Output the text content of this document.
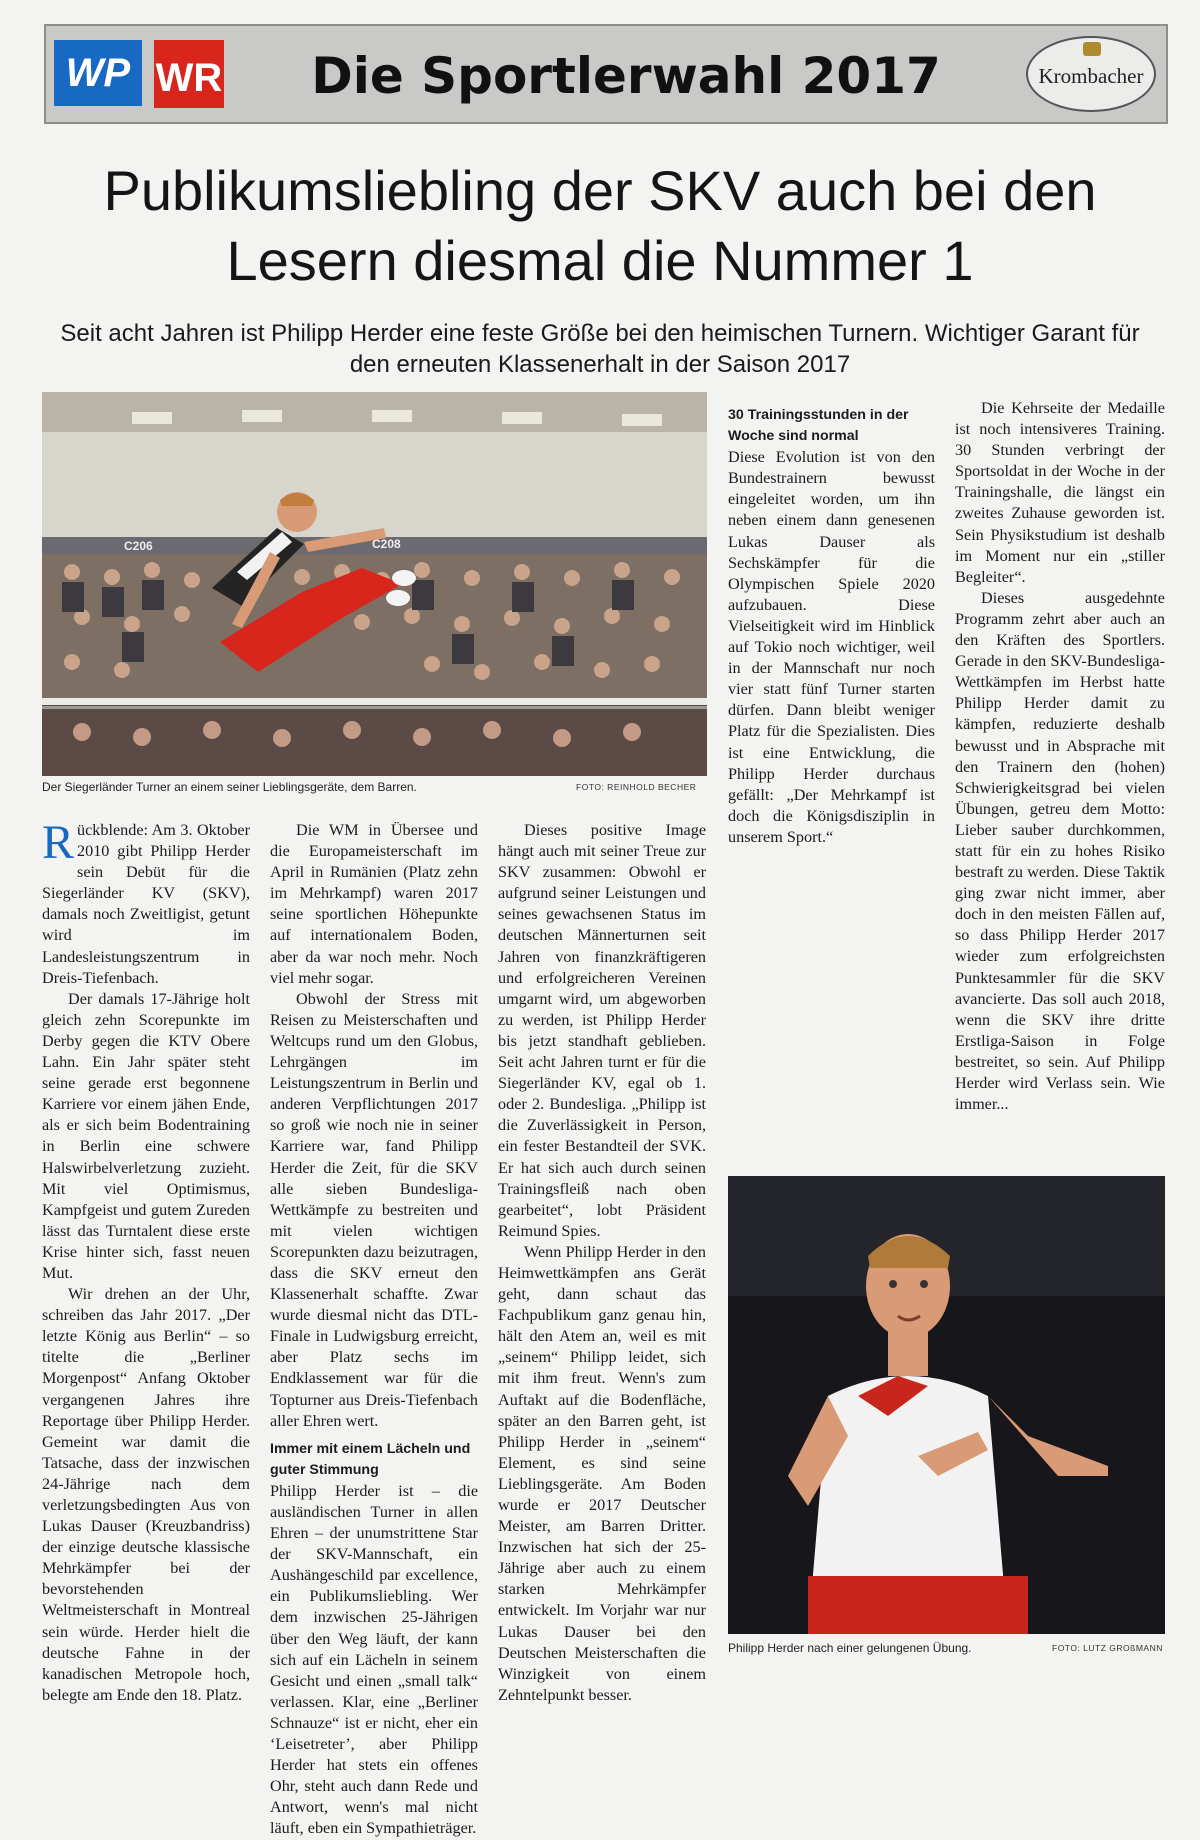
WP WR	Die Sportlerwahl 2017	Krombacher
Publikumsliebling der SKV auch bei den Lesern diesmal die Nummer 1

Seit acht Jahren ist Philipp Herder eine feste Größe bei den heimischen Turnern. Wichtiger Garant für den erneuten Klassenerhalt in der Saison 2017

C206	C208
Der Siegerländer Turner an einem seiner Lieblingsgeräte, dem Barren.	FOTO: REINHOLD BECHER
Philipp Herder nach einer gelungenen Übung.	FOTO: LUTZ GROßMANN

Rückblende: Am 3. Oktober 2010 gibt Philipp Herder sein Debüt für die Siegerländer KV (SKV), damals noch Zweitligist, getunt wird im Landesleistungszentrum in Dreis-Tiefenbach.

Der damals 17-Jährige holt gleich zehn Scorepunkte im Derby gegen die KTV Obere Lahn. Ein Jahr später steht seine gerade erst begonnene Karriere vor einem jähen Ende, als er sich beim Bodentraining in Berlin eine schwere Halswirbelverletzung zuzieht. Mit viel Optimismus, Kampfgeist und gutem Zureden lässt das Turntalent diese erste Krise hinter sich, fasst neuen Mut.

Wir drehen an der Uhr, schreiben das Jahr 2017. „Der letzte König aus Berlin“ – so titelte die „Berliner Morgenpost“ Anfang Oktober vergangenen Jahres ihre Reportage über Philipp Herder. Gemeint war damit die Tatsache, dass der inzwischen 24-Jährige nach dem verletzungsbedingten Aus von Lukas Dauser (Kreuzbandriss) der einzige deutsche klassische Mehrkämpfer bei der bevorstehenden Weltmeisterschaft in Montreal sein würde. Herder hielt die deutsche Fahne in der kanadischen Metropole hoch, belegte am Ende den 18. Platz.

Die WM in Übersee und die Europameisterschaft im April in Rumänien (Platz zehn im Mehrkampf) waren 2017 seine sportlichen Höhepunkte auf internationalem Boden, aber da war noch mehr. Noch viel mehr sogar.

Obwohl der Stress mit Reisen zu Meisterschaften und Weltcups rund um den Globus, Lehrgängen im Leistungszentrum in Berlin und anderen Verpflichtungen 2017 so groß wie noch nie in seiner Karriere war, fand Philipp Herder die Zeit, für die SKV alle sieben Bundesliga-Wettkämpfe zu bestreiten und mit vielen wichtigen Scorepunkten dazu beizutragen, dass die SKV erneut den Klassenerhalt schaffte. Zwar wurde diesmal nicht das DTL-Finale in Ludwigsburg erreicht, aber Platz sechs im Endklassement war für die Topturner aus Dreis-Tiefenbach aller Ehren wert.

Immer mit einem Lächeln und guter Stimmung

Philipp Herder ist – die ausländischen Turner in allen Ehren – der unumstrittene Star der SKV-Mannschaft, ein Aushängeschild par excellence, ein Publikumsliebling. Wer dem inzwischen 25-Jährigen über den Weg läuft, der kann sich auf ein Lächeln in seinem Gesicht und einen „small talk“ verlassen. Klar, eine „Berliner Schnauze“ ist er nicht, eher ein ‘Leisetreter’, aber Philipp Herder hat stets ein offenes Ohr, steht auch dann Rede und Antwort, wenn's mal nicht läuft, eben ein Sympathieträger.

Dieses positive Image hängt auch mit seiner Treue zur SKV zusammen: Obwohl er aufgrund seiner Leistungen und seines gewachsenen Status im deutschen Männerturnen seit Jahren von finanzkräftigeren und erfolgreicheren Vereinen umgarnt wird, um abgeworben zu werden, ist Philipp Herder bis jetzt standhaft geblieben. Seit acht Jahren turnt er für die Siegerländer KV, egal ob 1. oder 2. Bundesliga. „Philipp ist die Zuverlässigkeit in Person, ein fester Bestandteil der SVK. Er hat sich auch durch seinen Trainingsfleiß nach oben gearbeitet“, lobt Präsident Reimund Spies.

Wenn Philipp Herder in den Heimwettkämpfen ans Gerät geht, dann schaut das Fachpublikum ganz genau hin, hält den Atem an, weil es mit „seinem“ Philipp leidet, sich mit ihm freut. Wenn's zum Auftakt auf die Bodenfläche, später an den Barren geht, ist Philipp Herder in „seinem“ Element, es sind seine Lieblingsgeräte. Am Boden wurde er 2017 Deutscher Meister, am Barren Dritter. Inzwischen hat sich der 25-Jährige aber auch zu einem starken Mehrkämpfer entwickelt. Im Vorjahr war nur Lukas Dauser bei den Deutschen Meisterschaften die Winzigkeit von einem Zehntelpunkt besser.

30 Trainingsstunden in der Woche sind normal

Diese Evolution ist von den Bundestrainern bewusst eingeleitet worden, um ihn neben einem dann genesenen Lukas Dauser als Sechskämpfer für die Olympischen Spiele 2020 aufzubauen. Diese Vielseitigkeit wird im Hinblick auf Tokio noch wichtiger, weil in der Mannschaft nur noch vier statt fünf Turner starten dürfen. Dann bleibt weniger Platz für die Spezialisten. Dies ist eine Entwicklung, die Philipp Herder durchaus gefällt: „Der Mehrkampf ist doch die Königsdisziplin in unserem Sport.“

Die Kehrseite der Medaille ist noch intensiveres Training. 30 Stunden verbringt der Sportsoldat in der Woche in der Trainingshalle, die längst ein zweites Zuhause geworden ist. Sein Physikstudium ist deshalb im Moment nur ein „stiller Begleiter“.

Dieses ausgedehnte Programm zehrt aber auch an den Kräften des Sportlers. Gerade in den SKV-Bundesliga-Wettkämpfen im Herbst hatte Philipp Herder damit zu kämpfen, reduzierte deshalb bewusst und in Absprache mit den Trainern den (hohen) Schwierigkeitsgrad bei vielen Übungen, getreu dem Motto: Lieber sauber durchkommen, statt für ein zu hohes Risiko bestraft zu werden. Diese Taktik ging zwar nicht immer, aber doch in den meisten Fällen auf, so dass Philipp Herder 2017 wieder zum erfolgreichsten Punktesammler für die SKV avancierte. Das soll auch 2018, wenn die SKV ihre dritte Erstliga-Saison in Folge bestreitet, so sein. Auf Philipp Herder wird Verlass sein. Wie immer...
